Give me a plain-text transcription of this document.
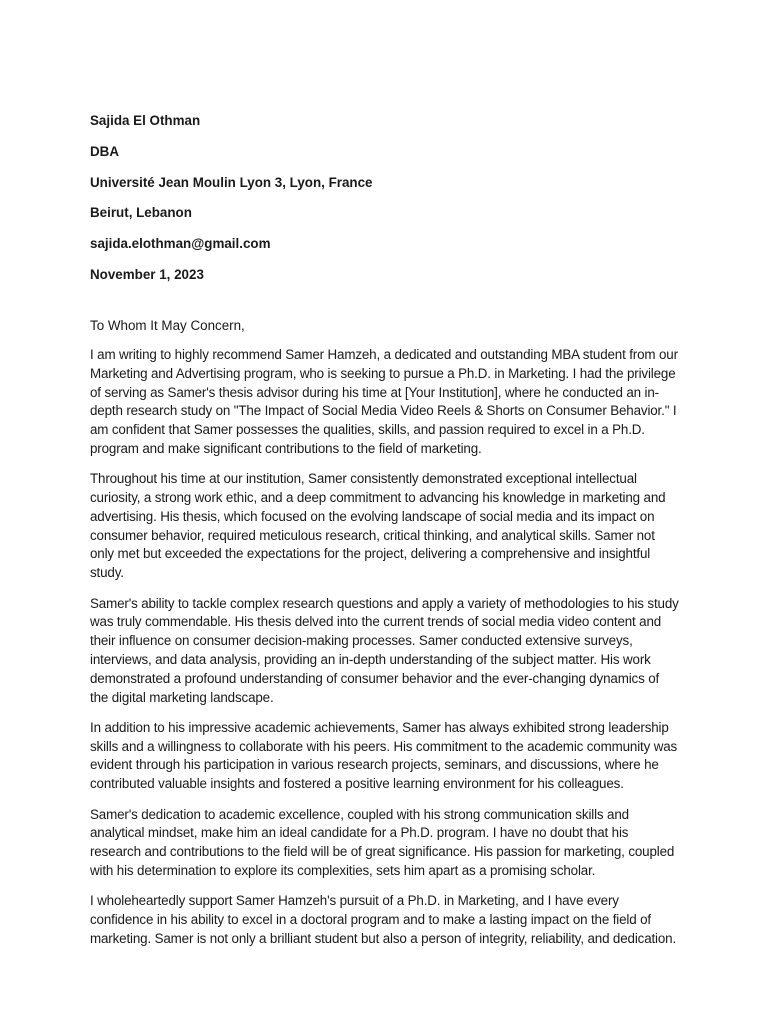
Sajida El Othman

DBA

Université Jean Moulin Lyon 3, Lyon, France

Beirut, Lebanon

sajida.elothman@gmail.com

November 1, 2023

To Whom It May Concern,

I am writing to highly recommend Samer Hamzeh, a dedicated and outstanding MBA student from our Marketing and Advertising program, who is seeking to pursue a Ph.D. in Marketing. I had the privilege of serving as Samer's thesis advisor during his time at [Your Institution], where he conducted an in-depth research study on "The Impact of Social Media Video Reels & Shorts on Consumer Behavior." I am confident that Samer possesses the qualities, skills, and passion required to excel in a Ph.D. program and make significant contributions to the field of marketing.

Throughout his time at our institution, Samer consistently demonstrated exceptional intellectual curiosity, a strong work ethic, and a deep commitment to advancing his knowledge in marketing and advertising. His thesis, which focused on the evolving landscape of social media and its impact on consumer behavior, required meticulous research, critical thinking, and analytical skills. Samer not only met but exceeded the expectations for the project, delivering a comprehensive and insightful study.

Samer's ability to tackle complex research questions and apply a variety of methodologies to his study was truly commendable. His thesis delved into the current trends of social media video content and their influence on consumer decision-making processes. Samer conducted extensive surveys, interviews, and data analysis, providing an in-depth understanding of the subject matter. His work demonstrated a profound understanding of consumer behavior and the ever-changing dynamics of the digital marketing landscape.

In addition to his impressive academic achievements, Samer has always exhibited strong leadership skills and a willingness to collaborate with his peers. His commitment to the academic community was evident through his participation in various research projects, seminars, and discussions, where he contributed valuable insights and fostered a positive learning environment for his colleagues.

Samer's dedication to academic excellence, coupled with his strong communication skills and analytical mindset, make him an ideal candidate for a Ph.D. program. I have no doubt that his research and contributions to the field will be of great significance. His passion for marketing, coupled with his determination to explore its complexities, sets him apart as a promising scholar.

I wholeheartedly support Samer Hamzeh's pursuit of a Ph.D. in Marketing, and I have every confidence in his ability to excel in a doctoral program and to make a lasting impact on the field of marketing. Samer is not only a brilliant student but also a person of integrity, reliability, and dedication.
